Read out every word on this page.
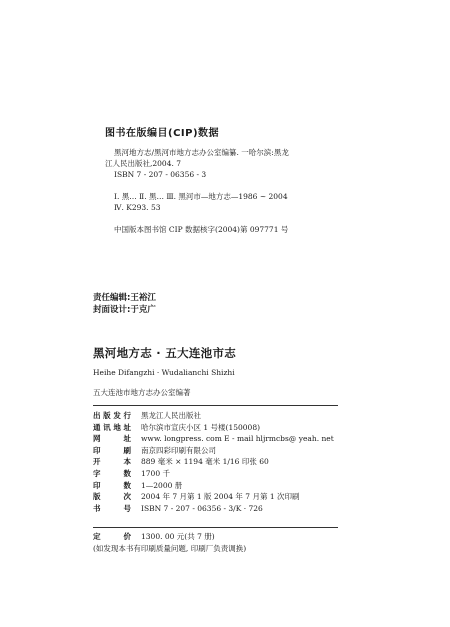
图书在版编目(CIP)数据
黑河地方志/黑河市地方志办公室编纂. 一哈尔滨:黑龙
江人民出版社,2004. 7
ISBN 7 - 207 - 06356 - 3
Ⅰ. 黑… Ⅱ. 黑… Ⅲ. 黑河市—地方志—1986 ~ 2004
Ⅳ. K293. 53
中国版本图书馆 CIP 数据核字(2004)第 097771 号
责任编辑:王裕江
封面设计:于克广
黑河地方志 · 五大连池市志
Heihe Difangzhi · Wudalianchi Shizhi
五大连池市地方志办公室编著
出版发行	黑龙江人民出版社
通讯地址	哈尔滨市宣庆小区 1 号楼(150008)
网　　址	www. longpress. com E - mail hljrmcbs@ yeah. net
印　　刷	南京四彩印刷有限公司
开　　本	889 毫米 × 1194 毫米 1/16 印张 60
字　　数	1700 千
印　　数	1—2000 册
版　　次	2004 年 7 月第 1 版 2004 年 7 月第 1 次印刷
书　　号	ISBN 7 - 207 - 06356 - 3/K · 726
定　　价	1300. 00 元(共 7 册)
(如发现本书有印刷质量问题, 印刷厂负责调换)
